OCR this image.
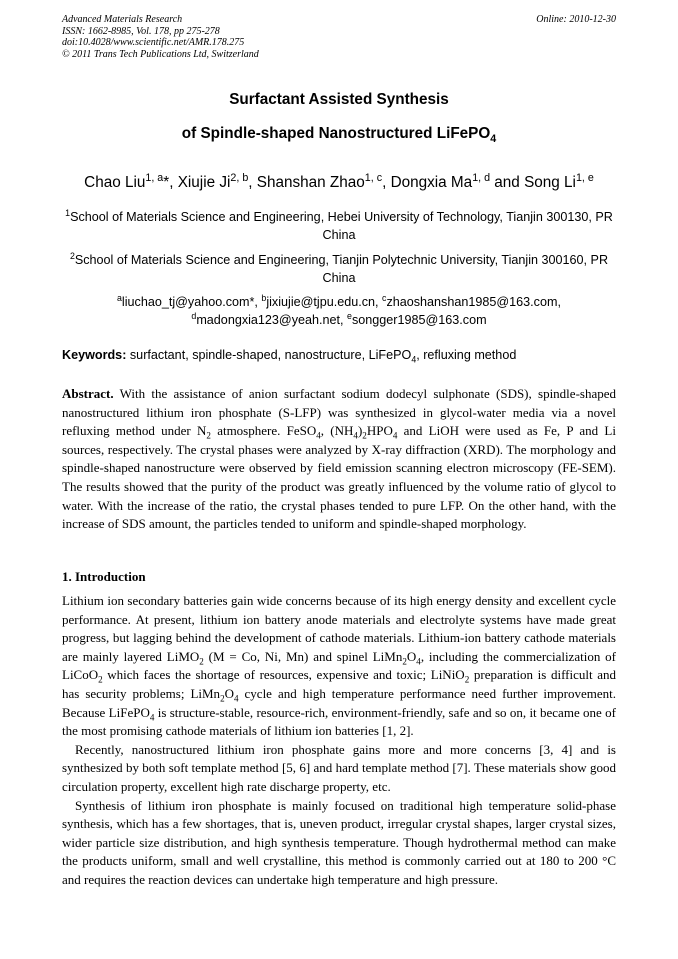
Advanced Materials Research
ISSN: 1662-8985, Vol. 178, pp 275-278
doi:10.4028/www.scientific.net/AMR.178.275
© 2011 Trans Tech Publications Ltd, Switzerland
Online: 2010-12-30
Surfactant Assisted Synthesis
of Spindle-shaped Nanostructured LiFePO$_4$
Chao Liu$^{1, a}$*, Xiujie Ji$^{2, b}$, Shanshan Zhao$^{1, c}$, Dongxia Ma$^{1, d}$ and Song Li$^{1, e}$
$^1$School of Materials Science and Engineering, Hebei University of Technology, Tianjin 300130, PR China
$^2$School of Materials Science and Engineering, Tianjin Polytechnic University, Tianjin 300160, PR China
$^a$liuchao_tj@yahoo.com*, $^b$jixiujie@tjpu.edu.cn, $^c$zhaoshanshan1985@163.com,
$^d$madongxia123@yeah.net, $^e$songger1985@163.com
Keywords: surfactant, spindle-shaped, nanostructure, LiFePO$_4$, refluxing method
Abstract. With the assistance of anion surfactant sodium dodecyl sulphonate (SDS), spindle-shaped nanostructured lithium iron phosphate (S-LFP) was synthesized in glycol-water media via a novel refluxing method under $N_2$ atmosphere. FeSO$_4$, $(NH_4)_2HPO_4$ and LiOH were used as Fe, P and Li sources, respectively. The crystal phases were analyzed by X-ray diffraction (XRD). The morphology and spindle-shaped nanostructure were observed by field emission scanning electron microscopy (FE-SEM). The results showed that the purity of the product was greatly influenced by the volume ratio of glycol to water. With the increase of the ratio, the crystal phases tended to pure LFP. On the other hand, with the increase of SDS amount, the particles tended to uniform and spindle-shaped morphology.
1. Introduction

Lithium ion secondary batteries gain wide concerns because of its high energy density and excellent cycle performance. At present, lithium ion battery anode materials and electrolyte systems have made great progress, but lagging behind the development of cathode materials. Lithium-ion battery cathode materials are mainly layered LiMO$_2$ (M = Co, Ni, Mn) and spinel $LiMn_2O_4$, including the commercialization of LiCoO$_2$ which faces the shortage of resources, expensive and toxic; LiNiO$_2$ preparation is difficult and has security problems; $LiMn_2O_4$ cycle and high temperature performance need further improvement. Because LiFePO$_4$ is structure-stable, resource-rich, environment-friendly, safe and so on, it became one of the most promising cathode materials of lithium ion batteries [1, 2].

Recently, nanostructured lithium iron phosphate gains more and more concerns [3, 4] and is synthesized by both soft template method [5, 6] and hard template method [7]. These materials show good circulation property, excellent high rate discharge property, etc.

Synthesis of lithium iron phosphate is mainly focused on traditional high temperature solid-phase synthesis, which has a few shortages, that is, uneven product, irregular crystal shapes, larger crystal sizes, wider particle size distribution, and high synthesis temperature. Though hydrothermal method can make the products uniform, small and well crystalline, this method is commonly carried out at 180 to 200 °C and requires the reaction devices can undertake high temperature and high pressure.
